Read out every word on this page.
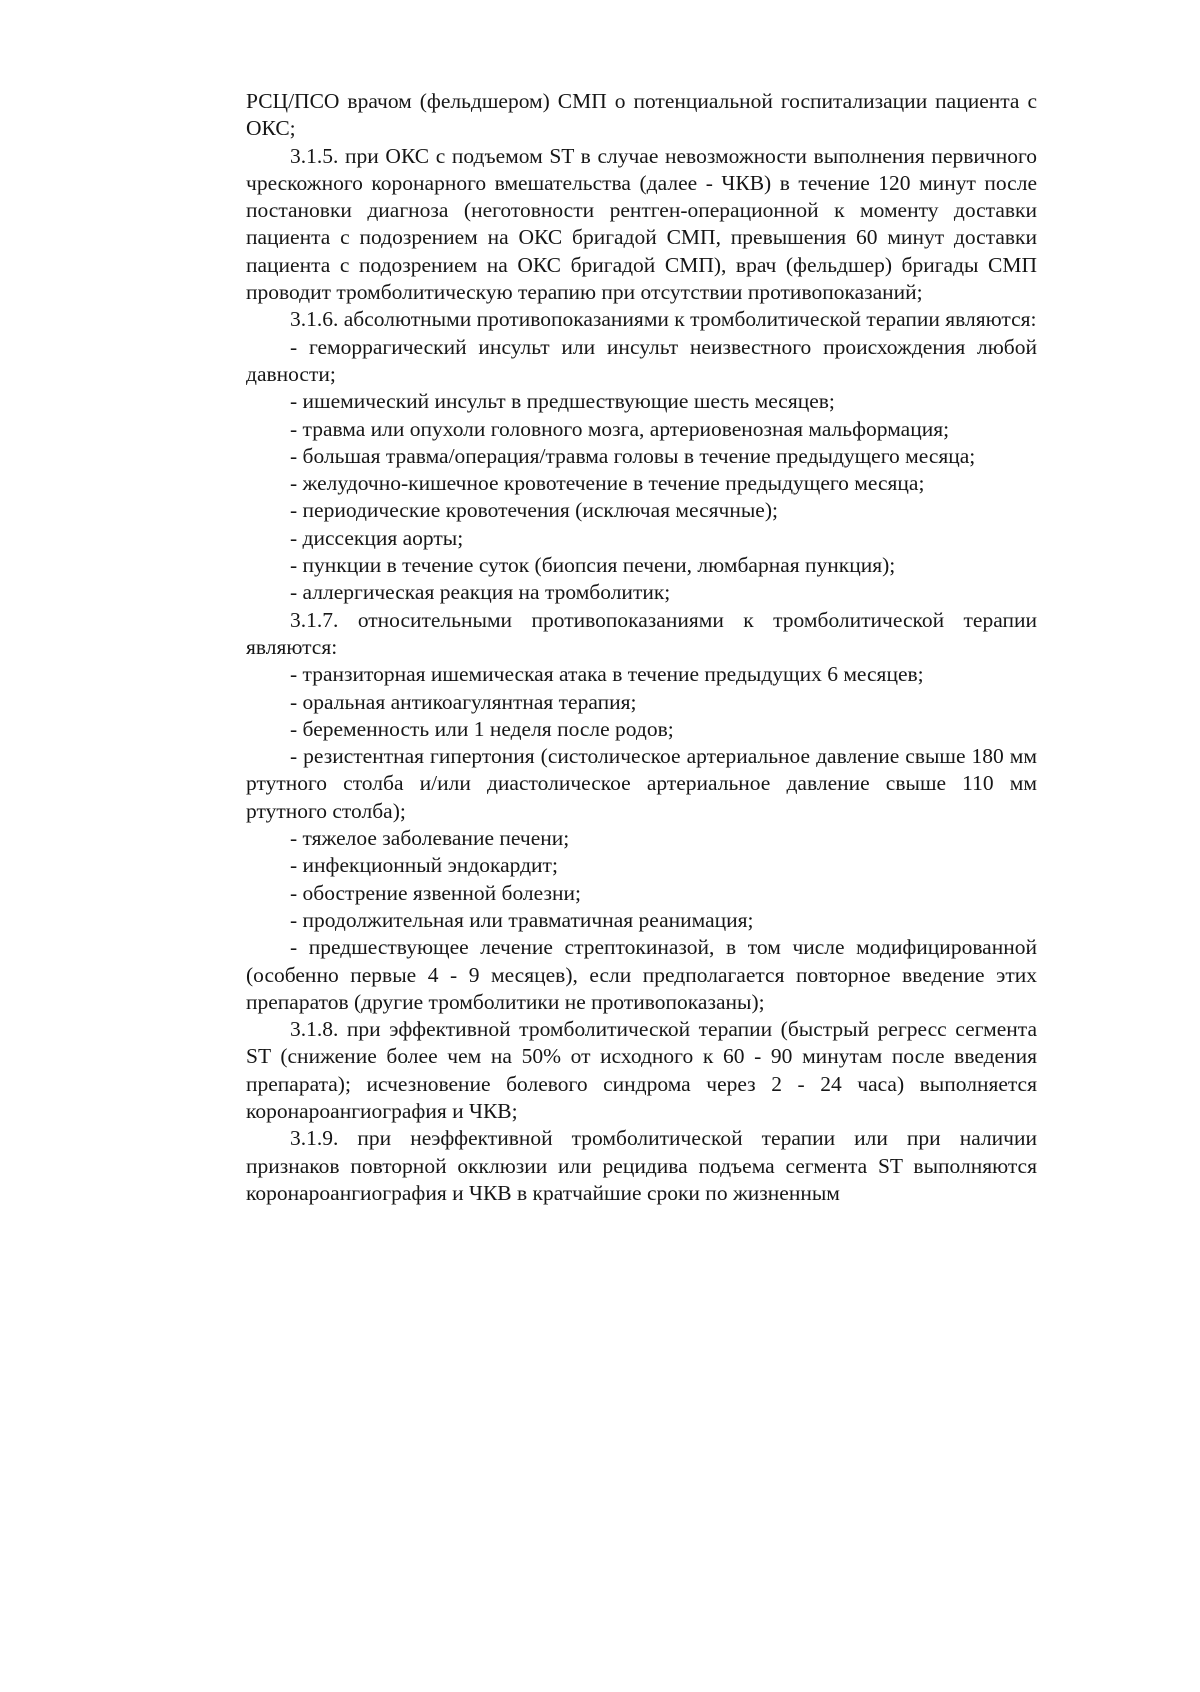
РСЦ/ПСО врачом (фельдшером) СМП о потенциальной госпитализации пациента с ОКС;

3.1.5. при ОКС с подъемом ST в случае невозможности выполнения первичного чрескожного коронарного вмешательства (далее - ЧКВ) в течение 120 минут после постановки диагноза (неготовности рентген-операционной к моменту доставки пациента с подозрением на ОКС бригадой СМП, превышения 60 минут доставки пациента с подозрением на ОКС бригадой СМП), врач (фельдшер) бригады СМП проводит тромболитическую терапию при отсутствии противопоказаний;

3.1.6. абсолютными противопоказаниями к тромболитической терапии являются:

- геморрагический инсульт или инсульт неизвестного происхождения любой давности;

- ишемический инсульт в предшествующие шесть месяцев;

- травма или опухоли головного мозга, артериовенозная мальформация;

- большая травма/операция/травма головы в течение предыдущего месяца;

- желудочно-кишечное кровотечение в течение предыдущего месяца;

- периодические кровотечения (исключая месячные);

- диссекция аорты;

- пункции в течение суток (биопсия печени, люмбарная пункция);

- аллергическая реакция на тромболитик;

3.1.7. относительными противопоказаниями к тромболитической терапии являются:

- транзиторная ишемическая атака в течение предыдущих 6 месяцев;

- оральная антикоагулянтная терапия;

- беременность или 1 неделя после родов;

- резистентная гипертония (систолическое артериальное давление свыше 180 мм ртутного столба и/или диастолическое артериальное давление свыше 110 мм ртутного столба);

- тяжелое заболевание печени;

- инфекционный эндокардит;

- обострение язвенной болезни;

- продолжительная или травматичная реанимация;

- предшествующее лечение стрептокиназой, в том числе модифицированной (особенно первые 4 - 9 месяцев), если предполагается повторное введение этих препаратов (другие тромболитики не противопоказаны);

3.1.8. при эффективной тромболитической терапии (быстрый регресс сегмента ST (снижение более чем на 50% от исходного к 60 - 90 минутам после введения препарата); исчезновение болевого синдрома через 2 - 24 часа) выполняется коронароангиография и ЧКВ;

3.1.9. при неэффективной тромболитической терапии или при наличии признаков повторной окклюзии или рецидива подъема сегмента ST выполняются коронароангиография и ЧКВ в кратчайшие сроки по жизненным
